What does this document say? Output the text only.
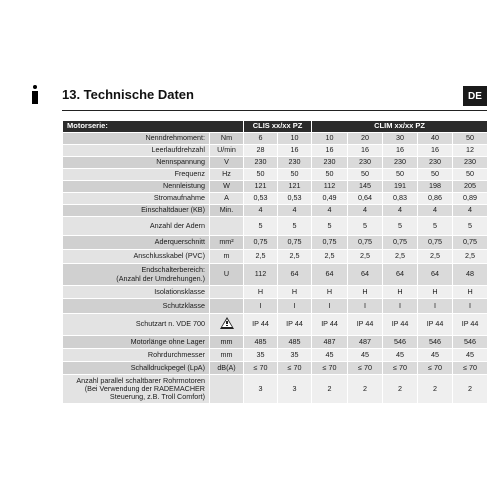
13. Technische Daten	DE
Motorserie:		CLIS xx/xx PZ		CLIM xx/xx PZ				
Nenndrehmoment:	Nm	6	10	10	20	30	40	50
Leerlaufdrehzahl	U/min	28	16	16	16	16	16	12
Nennspannung	V	230	230	230	230	230	230	230
Frequenz	Hz	50	50	50	50	50	50	50
Nennleistung	W	121	121	112	145	191	198	205
Stromaufnahme	A	0,53	0,53	0,49	0,64	0,83	0,86	0,89
Einschaltdauer (KB)	Min.	4	4	4	4	4	4	4
Anzahl der Adern		5	5	5	5	5	5	5
Aderquerschnitt	mm²	0,75	0,75	0,75	0,75	0,75	0,75	0,75
Anschlusskabel (PVC)	m	2,5	2,5	2,5	2,5	2,5	2,5	2,5
Endschalterbereich:
(Anzahl der Umdrehungen.)	U	112	64	64	64	64	64	48
Isolationsklasse		H	H	H	H	H	H	H
Schutzklasse		I	I	I	I	I	I	I
Schutzart n. VDE 700		IP 44	IP 44	IP 44	IP 44	IP 44	IP 44	IP 44
Motorlänge ohne Lager	mm	485	485	487	487	546	546	546
Rohrdurchmesser	mm	35	35	45	45	45	45	45
Schalldruckpegel (LpA)	dB(A)	≤ 70	≤ 70	≤ 70	≤ 70	≤ 70	≤ 70	≤ 70
Anzahl parallel schaltbarer Rohrmotoren
(Bei Verwendung der RADEMACHER
Steuerung, z.B. Troll Comfort)		3	3	2	2	2	2	2
